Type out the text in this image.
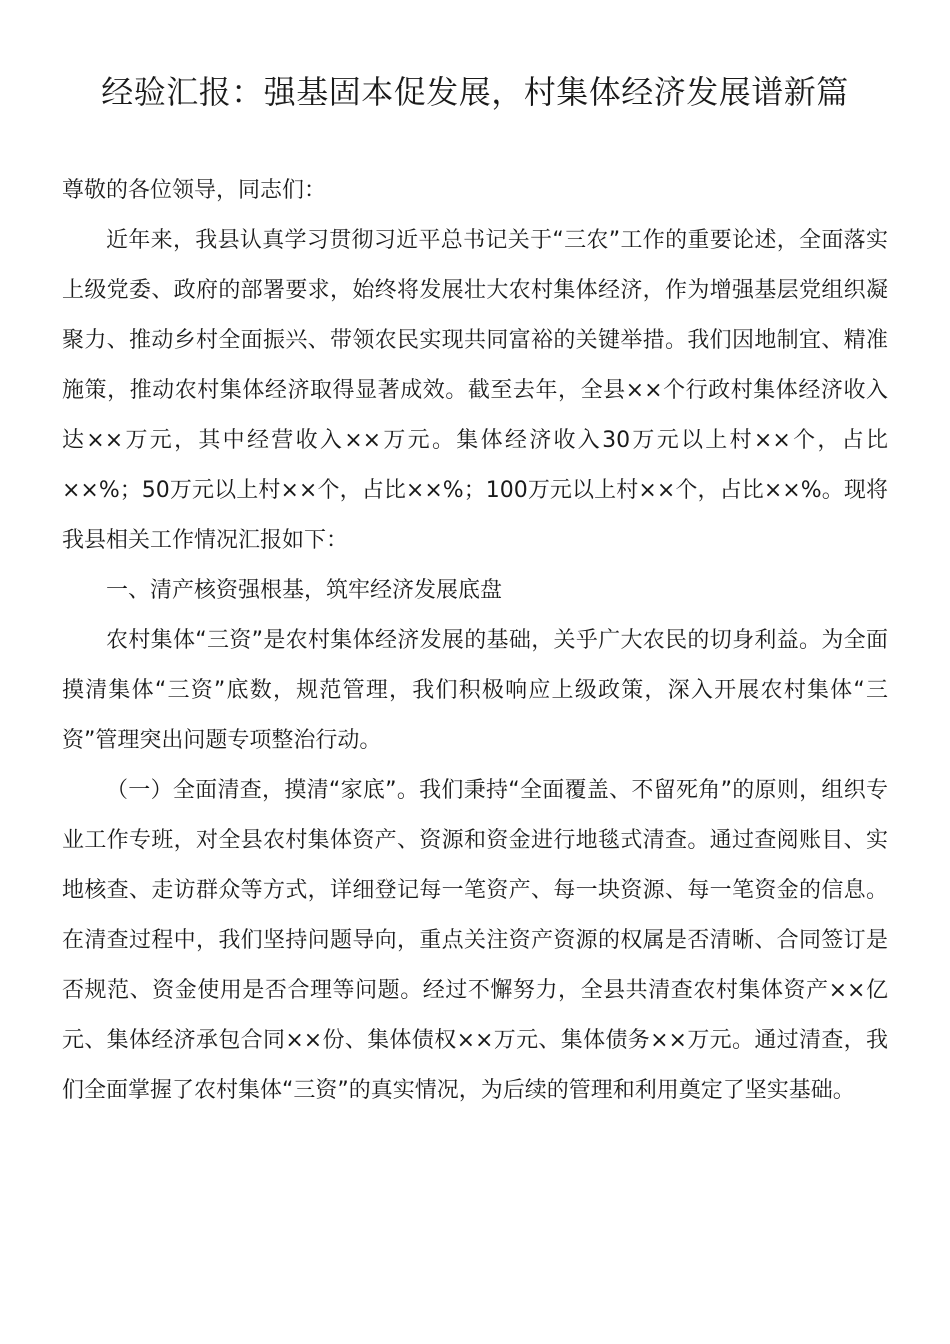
经验汇报：强基固本促发展，村集体经济发展谱新篇

尊敬的各位领导，同志们：

近年来，我县认真学习贯彻习近平总书记关于“三农”工作的重要论述，全面落实上级党委、政府的部署要求，始终将发展壮大农村集体经济，作为增强基层党组织凝聚力、推动乡村全面振兴、带领农民实现共同富裕的关键举措。我们因地制宜、精准施策，推动农村集体经济取得显著成效。截至去年，全县××个行政村集体经济收入达××万元，其中经营收入××万元。集体经济收入30万元以上村××个，占比××%；50万元以上村××个，占比××%；100万元以上村××个，占比××%。现将我县相关工作情况汇报如下：

一、清产核资强根基，筑牢经济发展底盘

农村集体“三资”是农村集体经济发展的基础，关乎广大农民的切身利益。为全面摸清集体“三资”底数，规范管理，我们积极响应上级政策，深入开展农村集体“三资”管理突出问题专项整治行动。

（一）全面清查，摸清“家底”。我们秉持“全面覆盖、不留死角”的原则，组织专业工作专班，对全县农村集体资产、资源和资金进行地毯式清查。通过查阅账目、实地核查、走访群众等方式，详细登记每一笔资产、每一块资源、每一笔资金的信息。在清查过程中，我们坚持问题导向，重点关注资产资源的权属是否清晰、合同签订是否规范、资金使用是否合理等问题。经过不懈努力，全县共清查农村集体资产××亿元、集体经济承包合同××份、集体债权××万元、集体债务××万元。通过清查，我们全面掌握了农村集体“三资”的真实情况，为后续的管理和利用奠定了坚实基础。
